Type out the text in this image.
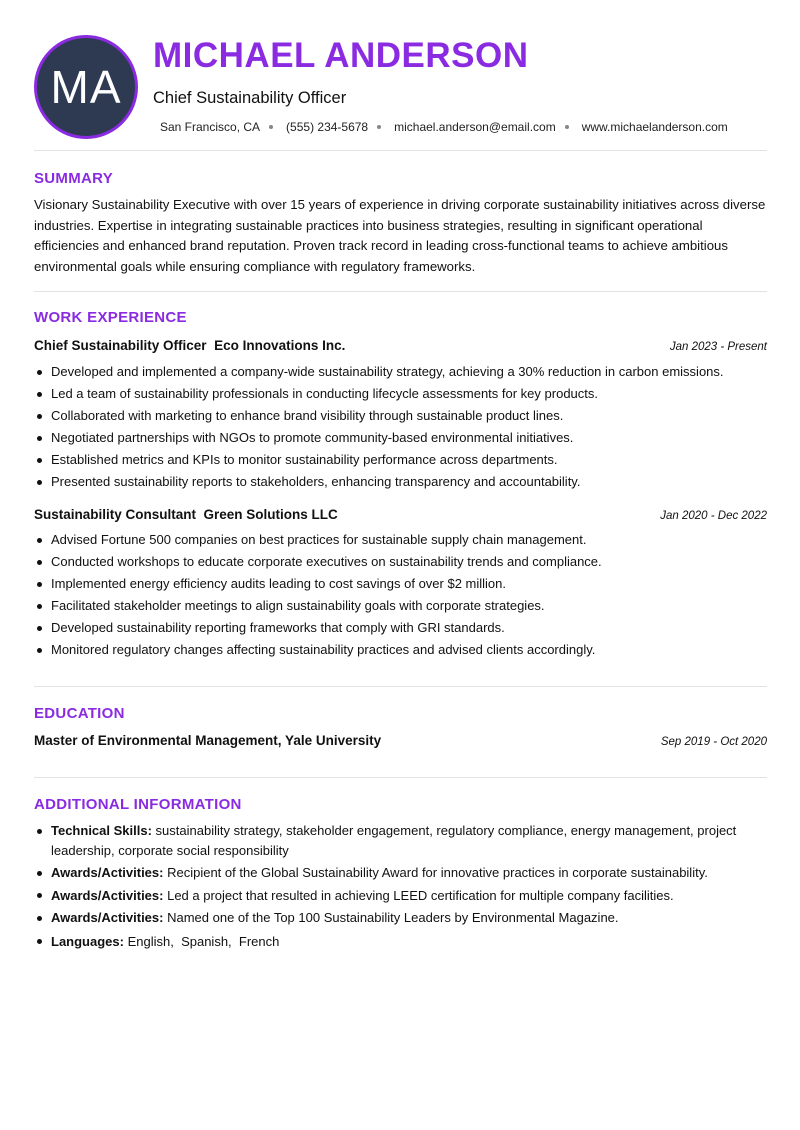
MA
MICHAEL ANDERSON
Chief Sustainability Officer
San Francisco, CA (555) 234-5678 michael.anderson@email.com www.michaelanderson.com
SUMMARY
Visionary Sustainability Executive with over 15 years of experience in driving corporate sustainability initiatives across diverse industries. Expertise in integrating sustainable practices into business strategies, resulting in significant operational efficiencies and enhanced brand reputation. Proven track record in leading cross-functional teams to achieve ambitious environmental goals while ensuring compliance with regulatory frameworks.
WORK EXPERIENCE
Chief Sustainability Officer Eco Innovations Inc.	Jan 2023 - Present
Developed and implemented a company-wide sustainability strategy, achieving a 30% reduction in carbon emissions.
Led a team of sustainability professionals in conducting lifecycle assessments for key products.
Collaborated with marketing to enhance brand visibility through sustainable product lines.
Negotiated partnerships with NGOs to promote community-based environmental initiatives.
Established metrics and KPIs to monitor sustainability performance across departments.
Presented sustainability reports to stakeholders, enhancing transparency and accountability.
Sustainability Consultant Green Solutions LLC	Jan 2020 - Dec 2022
Advised Fortune 500 companies on best practices for sustainable supply chain management.
Conducted workshops to educate corporate executives on sustainability trends and compliance.
Implemented energy efficiency audits leading to cost savings of over $2 million.
Facilitated stakeholder meetings to align sustainability goals with corporate strategies.
Developed sustainability reporting frameworks that comply with GRI standards.
Monitored regulatory changes affecting sustainability practices and advised clients accordingly.
EDUCATION
Master of Environmental Management, Yale University	Sep 2019 - Oct 2020
ADDITIONAL INFORMATION
Technical Skills: sustainability strategy, stakeholder engagement, regulatory compliance, energy management, project leadership, corporate social responsibility
Awards/Activities: Recipient of the Global Sustainability Award for innovative practices in corporate sustainability.
Awards/Activities: Led a project that resulted in achieving LEED certification for multiple company facilities.
Awards/Activities: Named one of the Top 100 Sustainability Leaders by Environmental Magazine.
Languages: English,  Spanish,  French
